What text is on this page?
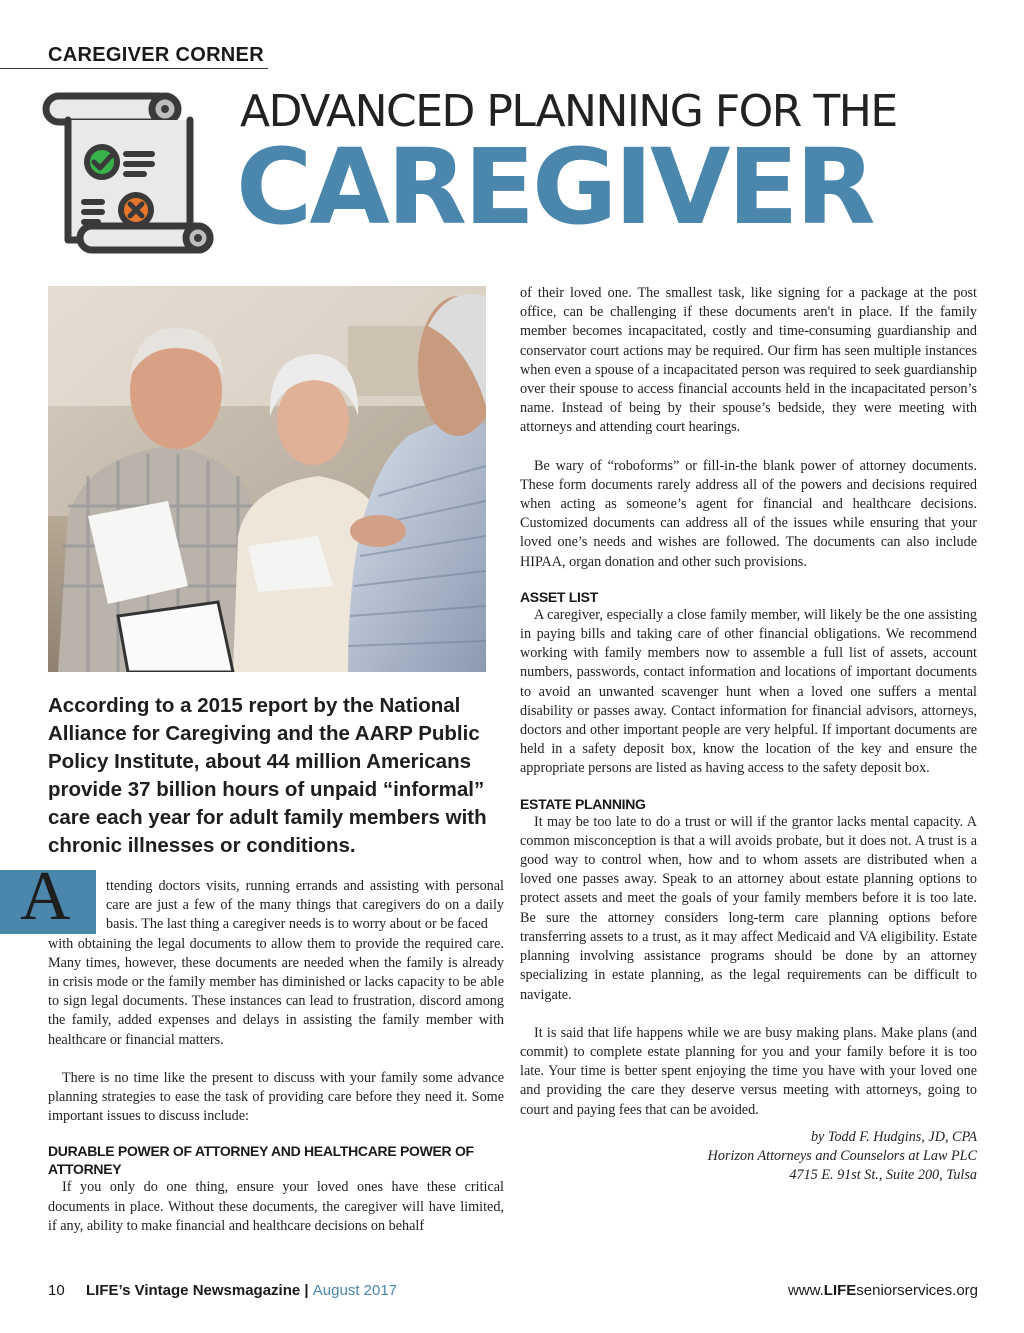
CAREGIVER CORNER
ADVANCED PLANNING FOR THE
CAREGIVER

According to a 2015 report by the National Alliance for Caregiving and the AARP Public Policy Institute, about 44 million Americans provide 37 billion hours of unpaid “informal” care each year for adult family members with chronic illnesses or conditions.

A	ttending doctors visits, running errands and assisting with personal care are just a few of the many things that caregivers do on a daily basis. The last thing a caregiver needs is to worry about or be faced

with obtaining the legal documents to allow them to provide the required care. Many times, however, these documents are needed when the family is already in crisis mode or the family member has diminished or lacks capacity to be able to sign legal documents. These instances can lead to frustration, discord among the family, added expenses and delays in assisting the family member with healthcare or financial matters.

There is no time like the present to discuss with your family some advance planning strategies to ease the task of providing care before they need it. Some important issues to discuss include:

DURABLE POWER OF ATTORNEY AND HEALTHCARE POWER OF ATTORNEY

If you only do one thing, ensure your loved ones have these critical documents in place. Without these documents, the caregiver will have limited, if any, ability to make financial and healthcare decisions on behalf

of their loved one. The smallest task, like signing for a package at the post office, can be challenging if these documents aren't in place. If the family member becomes incapacitated, costly and time-consuming guardianship and conservator court actions may be required. Our firm has seen multiple instances when even a spouse of a incapacitated person was required to seek guardianship over their spouse to access financial accounts held in the incapacitated person’s name. Instead of being by their spouse’s bedside, they were meeting with attorneys and attending court hearings.

Be wary of “roboforms” or fill-in-the blank power of attorney documents. These form documents rarely address all of the powers and decisions required when acting as someone’s agent for financial and healthcare decisions. Customized documents can address all of the issues while ensuring that your loved one’s needs and wishes are followed. The documents can also include HIPAA, organ donation and other such provisions.

ASSET LIST

A caregiver, especially a close family member, will likely be the one assisting in paying bills and taking care of other financial obligations. We recommend working with family members now to assemble a full list of assets, account numbers, passwords, contact information and locations of important documents to avoid an unwanted scavenger hunt when a loved one suffers a mental disability or passes away. Contact information for financial advisors, attorneys, doctors and other important people are very helpful. If important documents are held in a safety deposit box, know the location of the key and ensure the appropriate persons are listed as having access to the safety deposit box.

ESTATE PLANNING

It may be too late to do a trust or will if the grantor lacks mental capacity. A common misconception is that a will avoids probate, but it does not. A trust is a good way to control when, how and to whom assets are distributed when a loved one passes away. Speak to an attorney about estate planning options to protect assets and meet the goals of your family members before it is too late. Be sure the attorney considers long-term care planning options before transferring assets to a trust, as it may affect Medicaid and VA eligibility. Estate planning involving assistance programs should be done by an attorney specializing in estate planning, as the legal requirements can be difficult to navigate.

It is said that life happens while we are busy making plans. Make plans (and commit) to complete estate planning for you and your family before it is too late. Your time is better spent enjoying the time you have with your loved one and providing the care they deserve versus meeting with attorneys, going to court and paying fees that can be avoided.

by Todd F. Hudgins, JD, CPA
Horizon Attorneys and Counselors at Law PLC
4715 E. 91st St., Suite 200, Tulsa
10 LIFE’s Vintage Newsmagazine | August 2017	www.LIFEseniorservices.org
